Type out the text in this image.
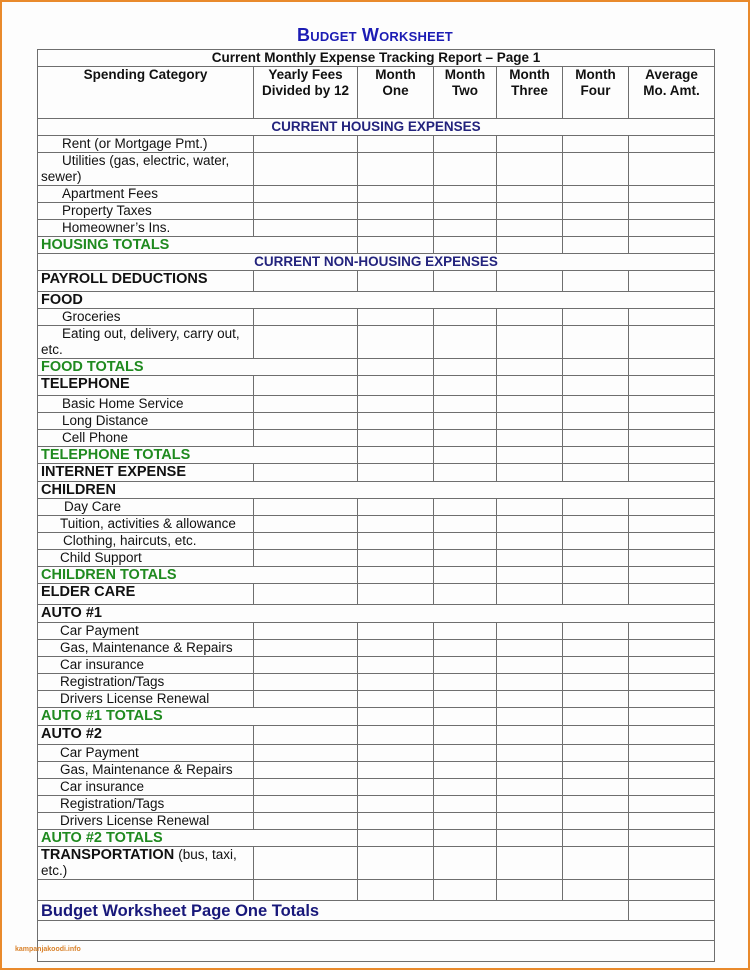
Budget Worksheet
Current Monthly Expense Tracking Report – Page 1						
Spending Category	Yearly Fees Divided by 12	Month One	Month Two	Month Three	Month Four	Average Mo. Amt.
CURRENT HOUSING EXPENSES						
Rent (or Mortgage Pmt.)						
Utilities (gas, electric, water, sewer)						
Apartment Fees						
Property Taxes						
Homeowner’s Ins.						
HOUSING TOTALS						
CURRENT NON-HOUSING EXPENSES						
PAYROLL DEDUCTIONS						
FOOD						
Groceries						
Eating out, delivery, carry out, etc.						
FOOD TOTALS						
TELEPHONE						
Basic Home Service						
Long Distance						
Cell Phone						
TELEPHONE TOTALS						
INTERNET EXPENSE						
CHILDREN						
Day Care						
Tuition, activities & allowance						
Clothing, haircuts, etc.						
Child Support						
CHILDREN TOTALS						
ELDER CARE						
AUTO #1						
Car Payment						
Gas, Maintenance & Repairs						
Car insurance						
Registration/Tags						
Drivers License Renewal						
AUTO #1 TOTALS						
AUTO #2						
Car Payment						
Gas, Maintenance & Repairs						
Car insurance						
Registration/Tags						
Drivers License Renewal						
AUTO #2 TOTALS						
TRANSPORTATION (bus, taxi, etc.)						

Budget Worksheet Page One Totals						

kampanjakoodi.info
